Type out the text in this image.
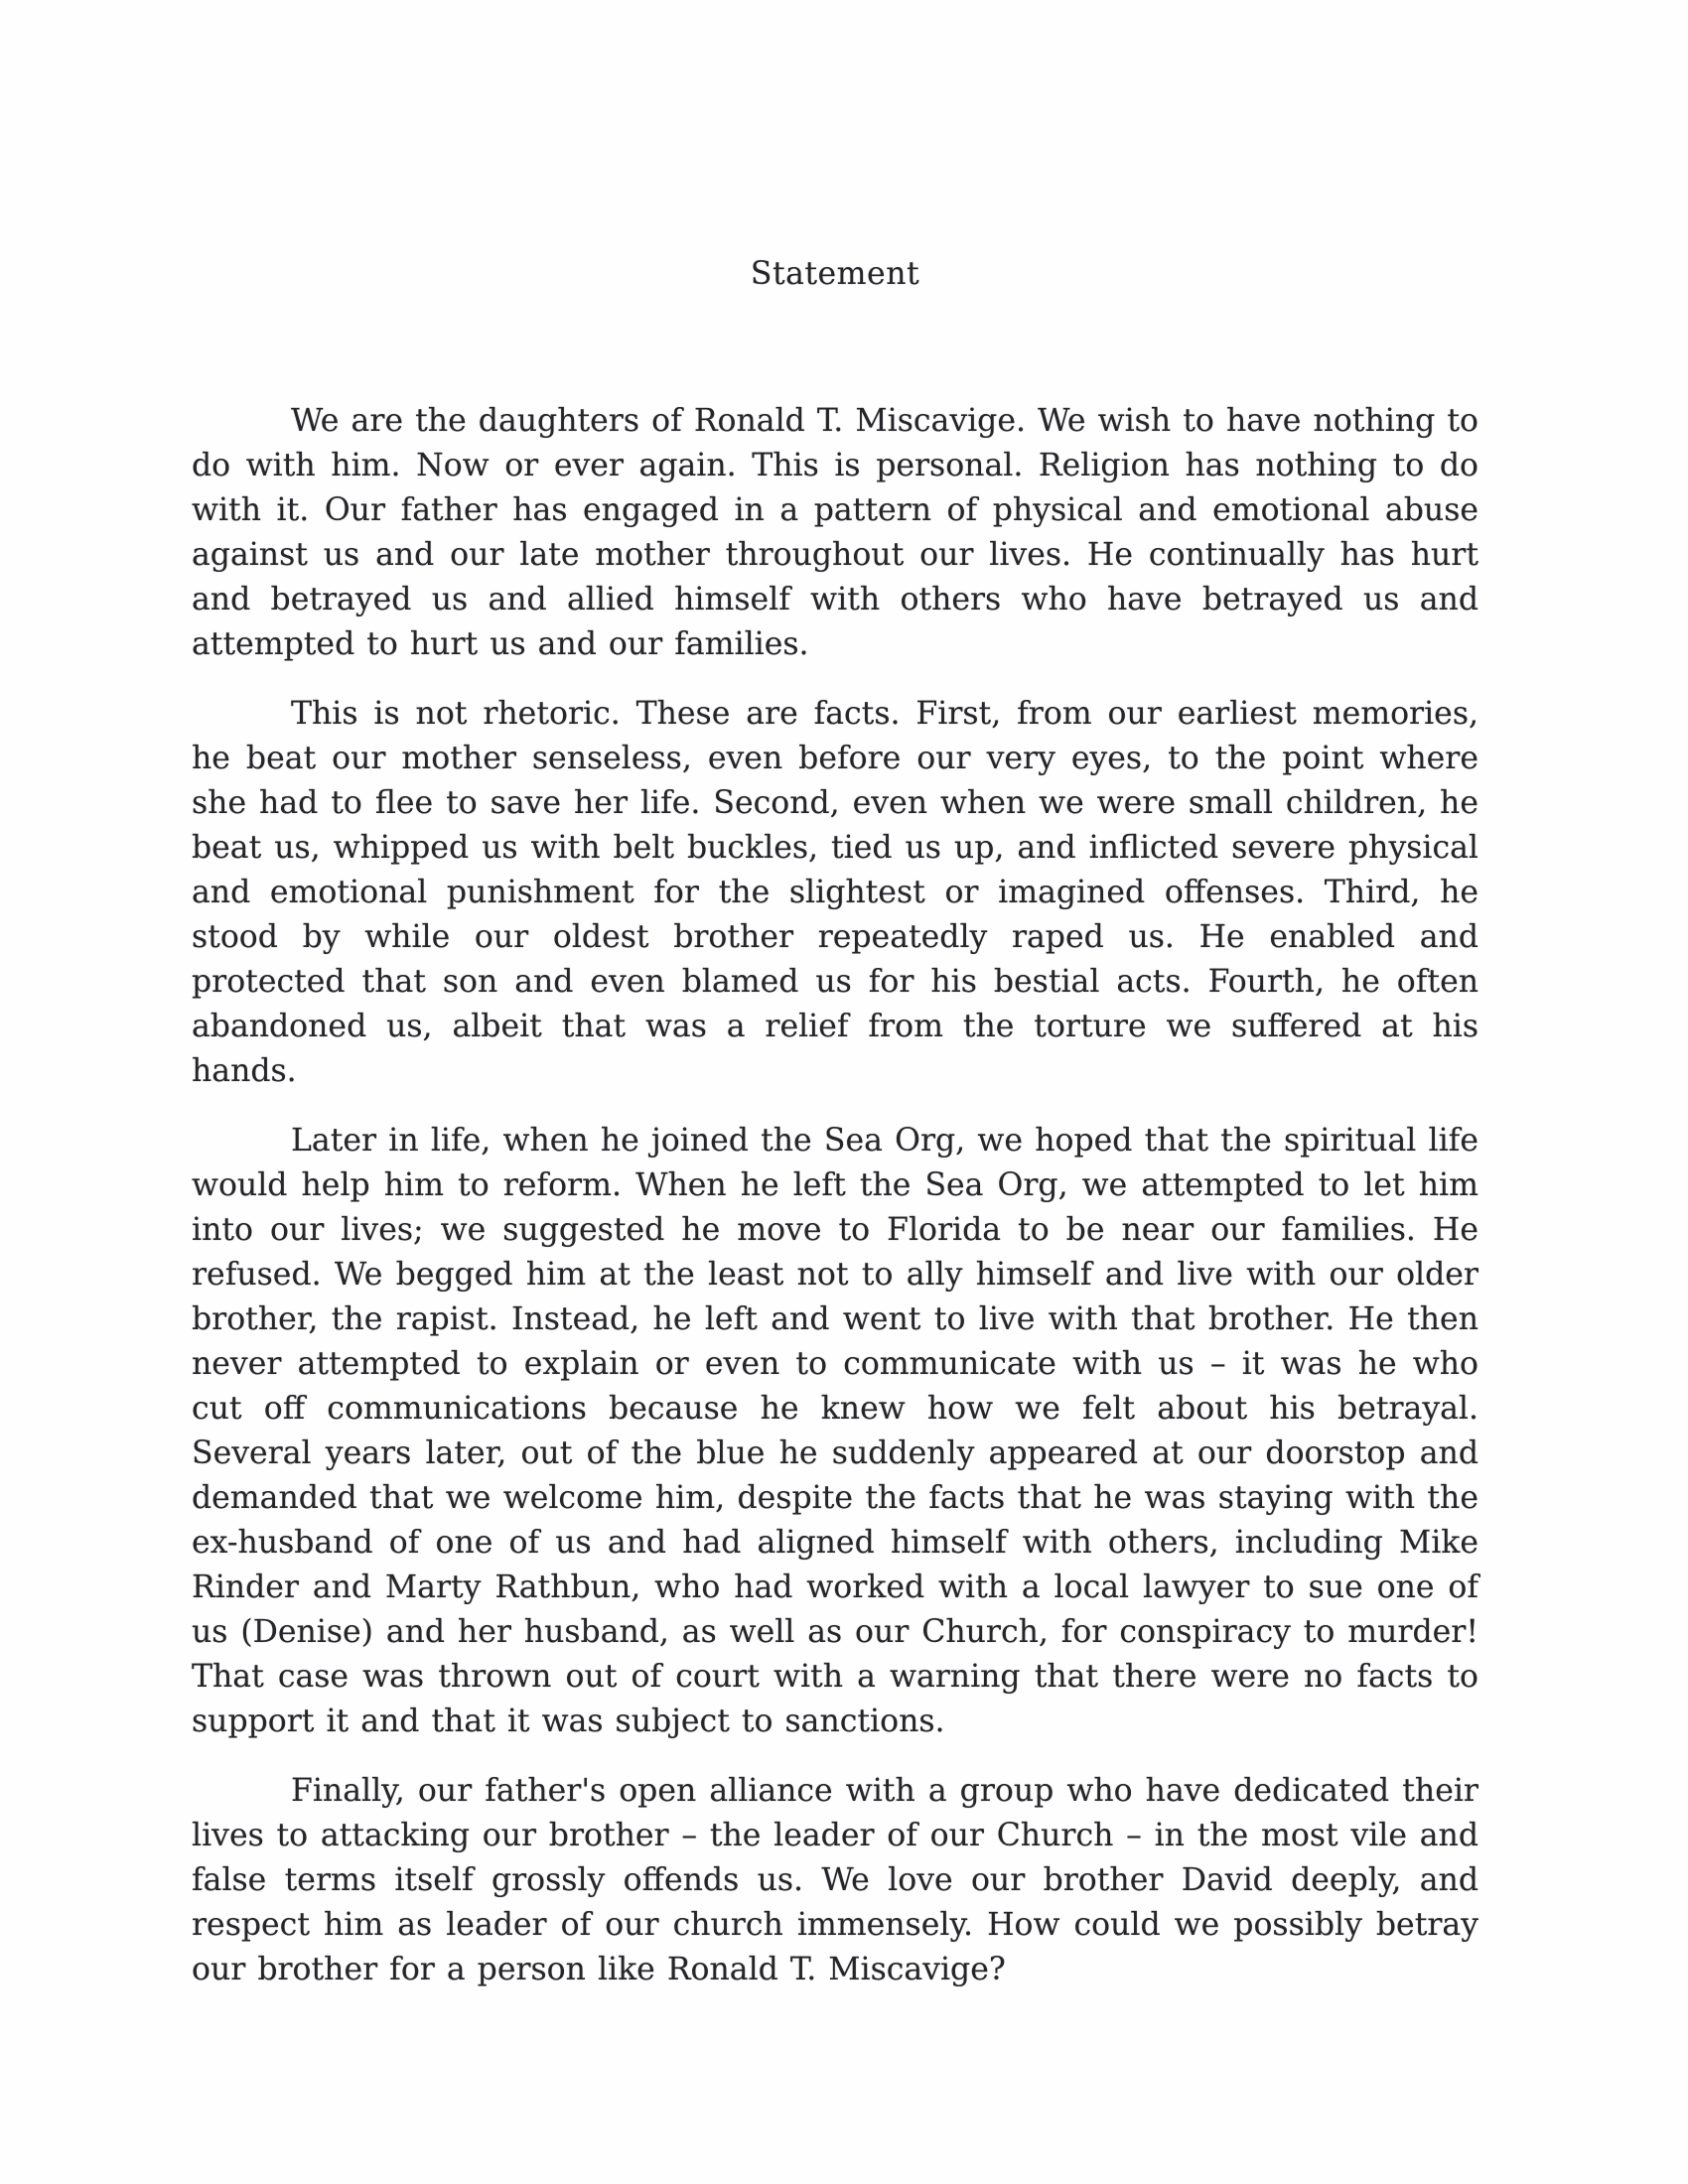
Statement

We are the daughters of Ronald T. Miscavige. We wish to have nothing to do with him. Now or ever again. This is personal. Religion has nothing to do with it. Our father has engaged in a pattern of physical and emotional abuse against us and our late mother throughout our lives. He continually has hurt and betrayed us and allied himself with others who have betrayed us and attempted to hurt us and our families.

This is not rhetoric. These are facts. First, from our earliest memories, he beat our mother senseless, even before our very eyes, to the point where she had to flee to save her life. Second, even when we were small children, he beat us, whipped us with belt buckles, tied us up, and inflicted severe physical and emotional punishment for the slightest or imagined offenses. Third, he stood by while our oldest brother repeatedly raped us. He enabled and protected that son and even blamed us for his bestial acts. Fourth, he often abandoned us, albeit that was a relief from the torture we suffered at his hands.

Later in life, when he joined the Sea Org, we hoped that the spiritual life would help him to reform. When he left the Sea Org, we attempted to let him into our lives; we suggested he move to Florida to be near our families. He refused. We begged him at the least not to ally himself and live with our older brother, the rapist. Instead, he left and went to live with that brother. He then never attempted to explain or even to communicate with us – it was he who cut off communications because he knew how we felt about his betrayal. Several years later, out of the blue he suddenly appeared at our doorstop and demanded that we welcome him, despite the facts that he was staying with the ex-husband of one of us and had aligned himself with others, including Mike Rinder and Marty Rathbun, who had worked with a local lawyer to sue one of us (Denise) and her husband, as well as our Church, for conspiracy to murder! That case was thrown out of court with a warning that there were no facts to support it and that it was subject to sanctions.

Finally, our father's open alliance with a group who have dedicated their lives to attacking our brother – the leader of our Church – in the most vile and false terms itself grossly offends us. We love our brother David deeply, and respect him as leader of our church immensely. How could we possibly betray our brother for a person like Ronald T. Miscavige?
